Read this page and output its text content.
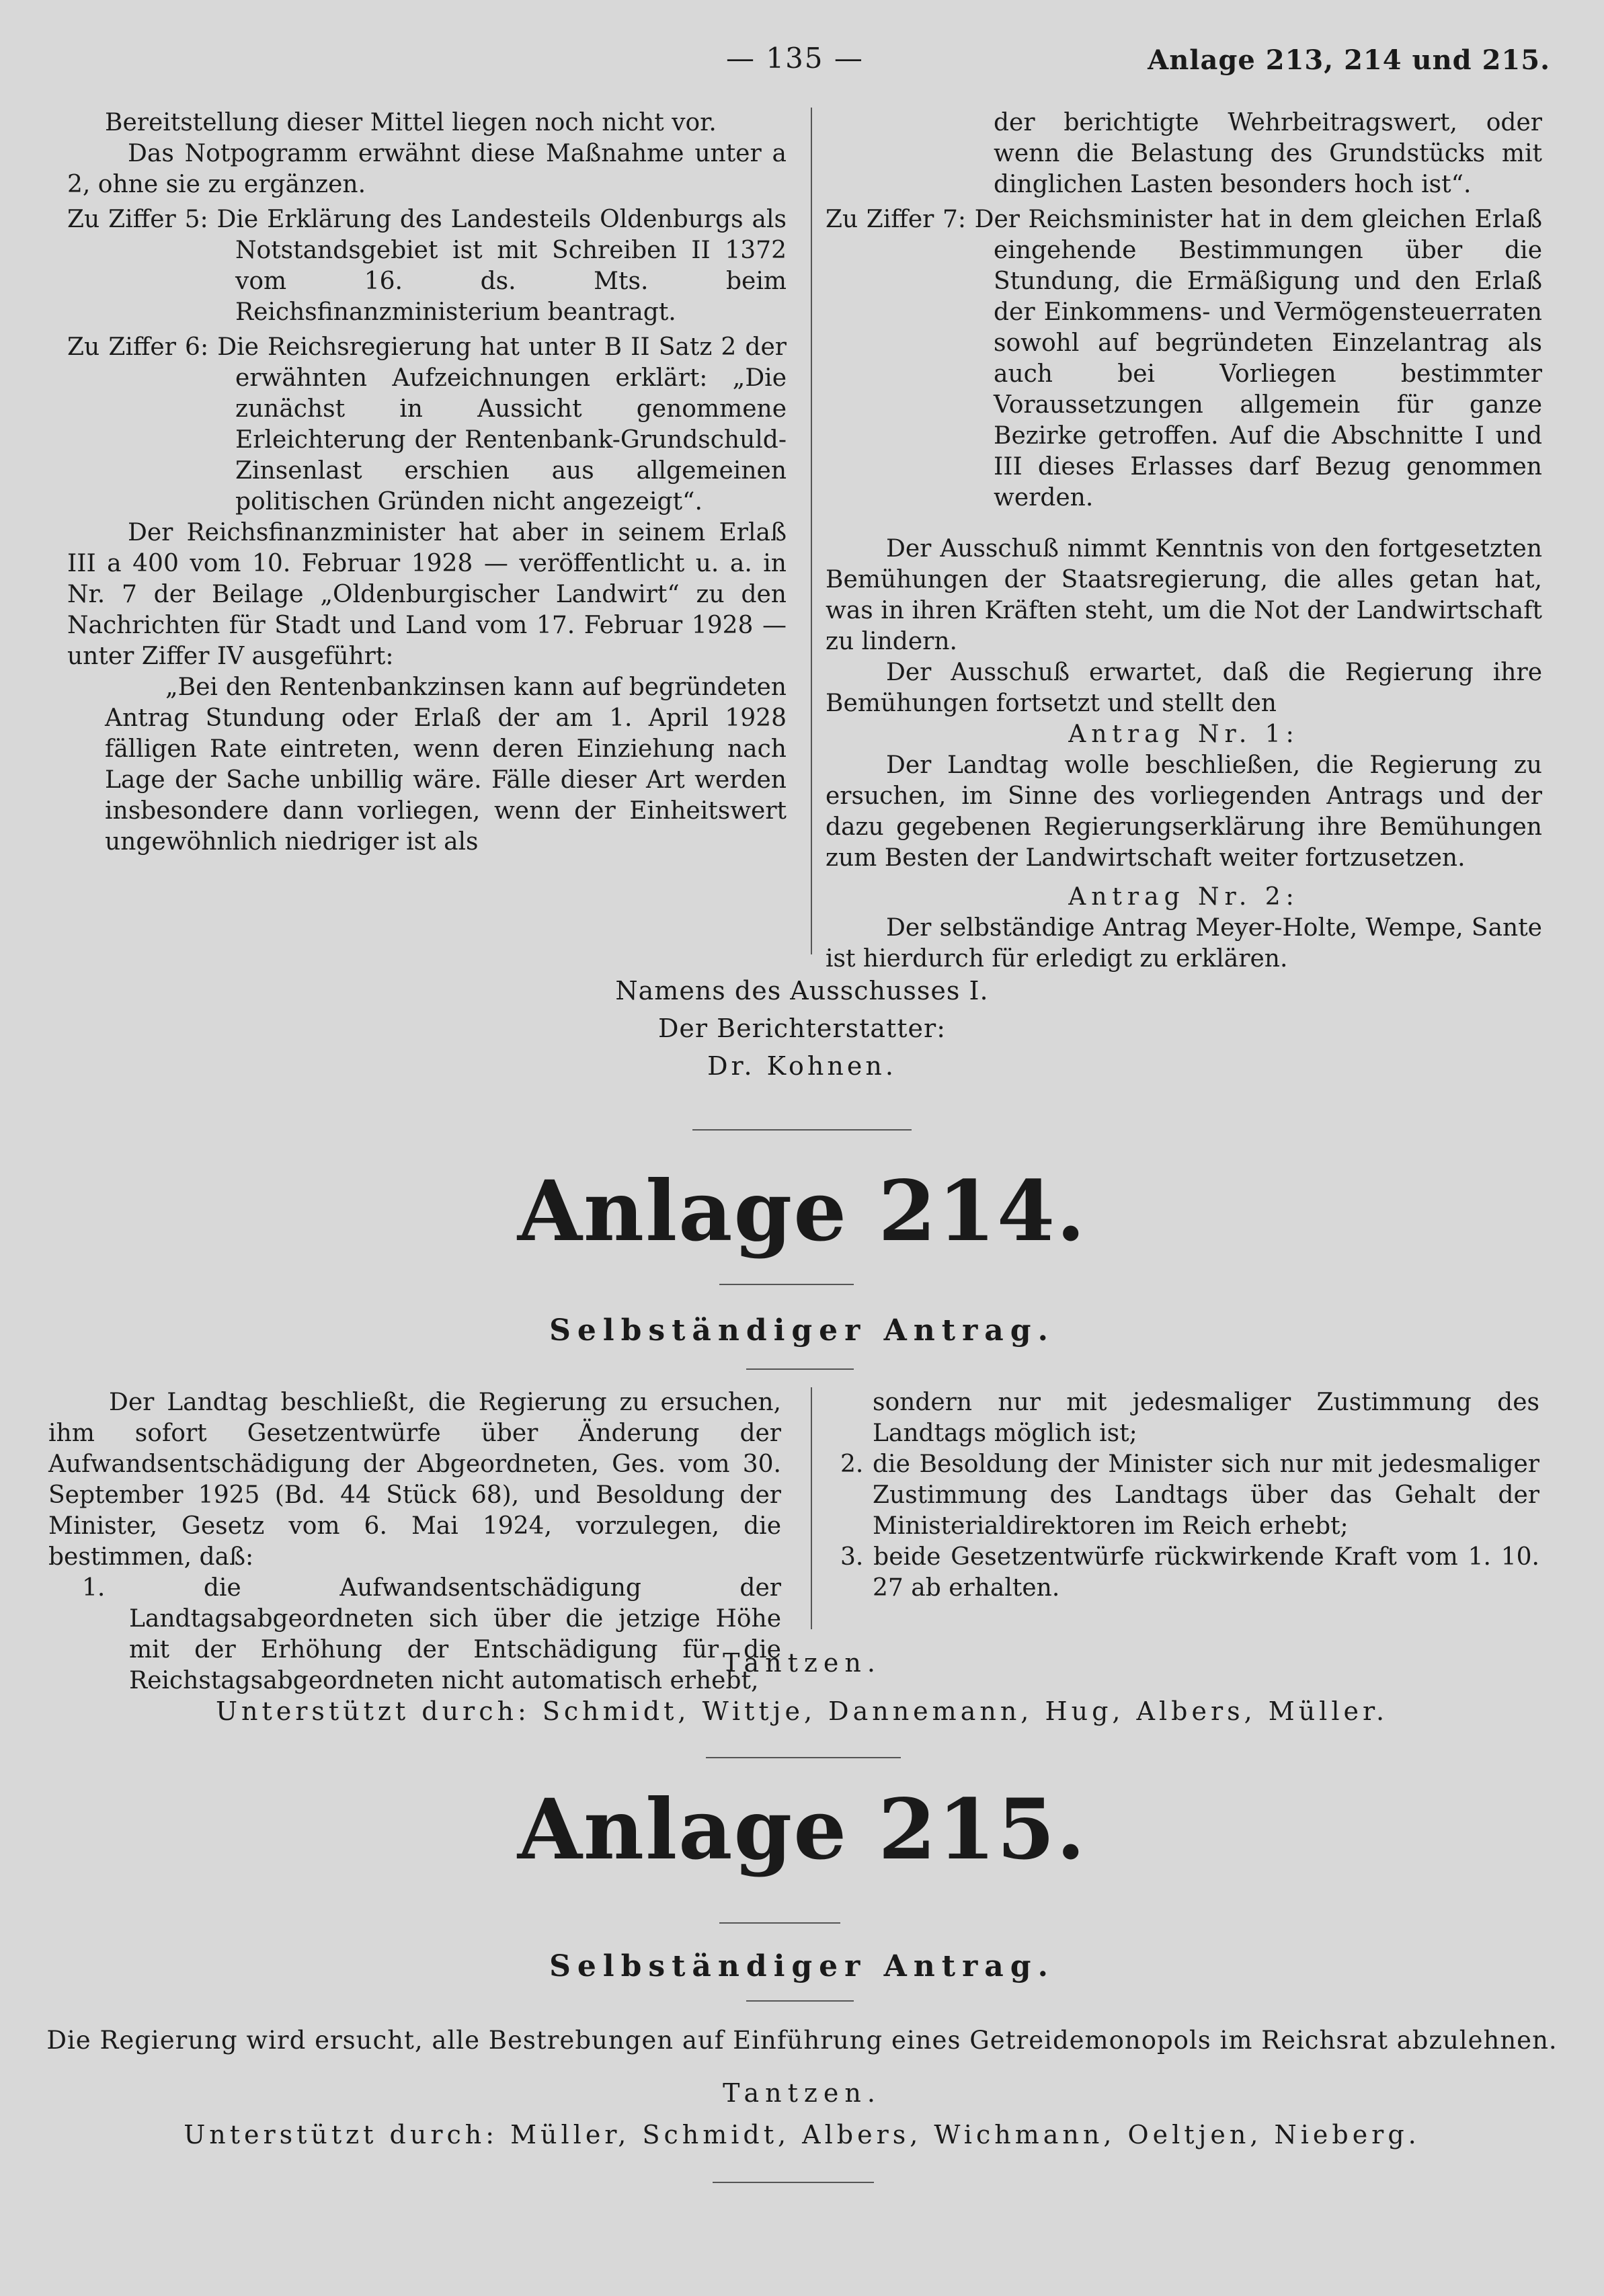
— 135 —	Anlage 213, 214 und 215.

Bereitstellung dieser Mittel liegen noch nicht vor.

Das Notpogramm erwähnt diese Maßnahme unter a 2, ohne sie zu ergänzen.

Zu Ziffer 5: Die Erklärung des Landesteils Oldenburgs als Notstandsgebiet ist mit Schreiben II 1372 vom 16. ds. Mts. beim Reichsfinanzministerium beantragt.

Zu Ziffer 6: Die Reichsregierung hat unter B II Satz 2 der erwähnten Aufzeichnungen erklärt: „Die zunächst in Aussicht genommene Erleichterung der Rentenbank-Grundschuld-Zinsenlast erschien aus allgemeinen politischen Gründen nicht angezeigt“.

Der Reichsfinanzminister hat aber in seinem Erlaß III a 400 vom 10. Februar 1928 — veröffentlicht u. a. in Nr. 7 der Beilage „Oldenburgischer Landwirt“ zu den Nachrichten für Stadt und Land vom 17. Februar 1928 — unter Ziffer IV ausgeführt:

„Bei den Rentenbankzinsen kann auf begründeten Antrag Stundung oder Erlaß der am 1. April 1928 fälligen Rate eintreten, wenn deren Einziehung nach Lage der Sache unbillig wäre. Fälle dieser Art werden insbesondere dann vorliegen, wenn der Einheitswert ungewöhnlich niedriger ist als

der berichtigte Wehrbeitragswert, oder wenn die Belastung des Grundstücks mit dinglichen Lasten besonders hoch ist“.

Zu Ziffer 7: Der Reichsminister hat in dem gleichen Erlaß eingehende Bestimmungen über die Stundung, die Ermäßigung und den Erlaß der Einkommens- und Vermögensteuerraten sowohl auf begründeten Einzelantrag als auch bei Vorliegen bestimmter Voraussetzungen allgemein für ganze Bezirke getroffen. Auf die Abschnitte I und III dieses Erlasses darf Bezug genommen werden.

Der Ausschuß nimmt Kenntnis von den fortgesetzten Bemühungen der Staatsregierung, die alles getan hat, was in ihren Kräften steht, um die Not der Landwirtschaft zu lindern.

Der Ausschuß erwartet, daß die Regierung ihre Bemühungen fortsetzt und stellt den

Antrag Nr. 1:

Der Landtag wolle beschließen, die Regierung zu ersuchen, im Sinne des vorliegenden Antrags und der dazu gegebenen Regierungserklärung ihre Bemühungen zum Besten der Landwirtschaft weiter fortzusetzen.

Antrag Nr. 2:

Der selbständige Antrag Meyer-Holte, Wempe, Sante ist hierdurch für erledigt zu erklären.

Namens des Ausschusses I.
Der Berichterstatter:
Dr. Kohnen.
Anlage 214.
Selbständiger Antrag.

Der Landtag beschließt, die Regierung zu ersuchen, ihm sofort Gesetzentwürfe über Änderung der Aufwandsentschädigung der Abgeordneten, Ges. vom 30. September 1925 (Bd. 44 Stück 68), und Besoldung der Minister, Gesetz vom 6. Mai 1924, vorzulegen, die bestimmen, daß:

1. die Aufwandsentschädigung der Landtagsabgeordneten sich über die jetzige Höhe mit der Erhöhung der Entschädigung für die Reichstagsabgeordneten nicht automatisch erhebt,

sondern nur mit jedesmaliger Zustimmung des Landtags möglich ist;

2. die Besoldung der Minister sich nur mit jedesmaliger Zustimmung des Landtags über das Gehalt der Ministerialdirektoren im Reich erhebt;

3. beide Gesetzentwürfe rückwirkende Kraft vom 1. 10. 27 ab erhalten.

Tantzen.
Unterstützt durch: Schmidt, Wittje, Dannemann, Hug, Albers, Müller.
Anlage 215.
Selbständiger Antrag.
Die Regierung wird ersucht, alle Bestrebungen auf Einführung eines Getreidemonopols im Reichsrat abzulehnen.
Tantzen.
Unterstützt durch: Müller, Schmidt, Albers, Wichmann, Oeltjen, Nieberg.
